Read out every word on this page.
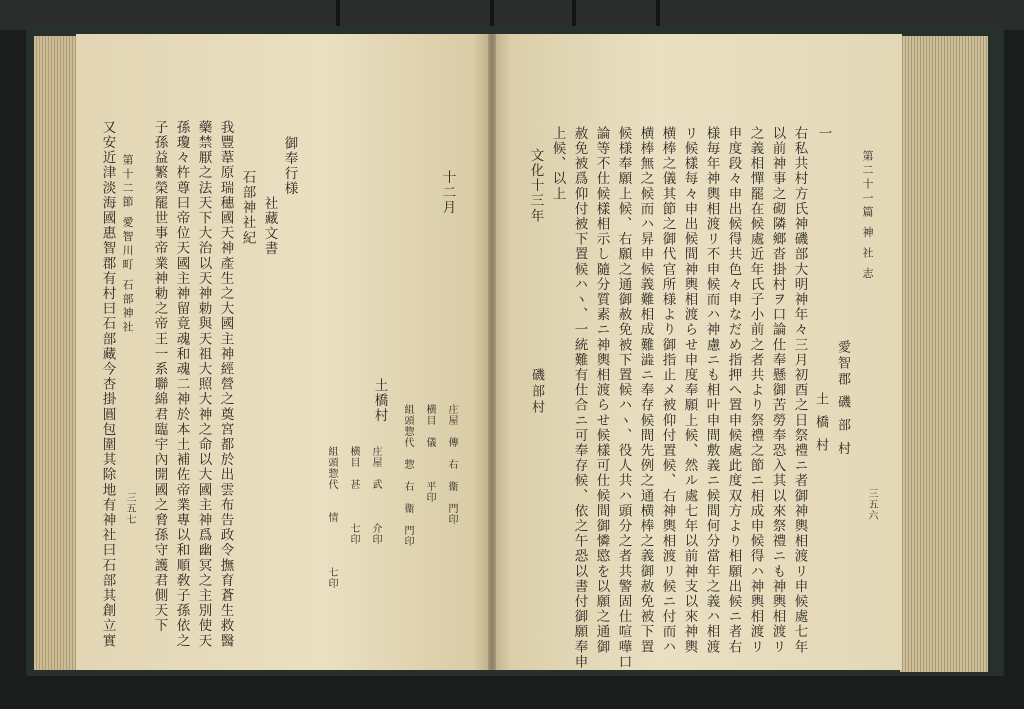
第十二節 愛智川町 石部神社
三五七
十二月
土橋村
庄屋　傳　右　衞　門印
横目　儀　　　平印
組頭惣代　惣　右　衞　門印
庄屋　武　　　介印
横目　甚　　　七印
組頭惣代　　情　　　　七印
御奉行様
社藏文書
石部神社紀
我豐葦原瑞穗國天神產生之大國主神經營之奠宮都於出雲布告政令撫育蒼生救醫
藥禁厭之法天下大治以天神勅與天祖大照大神之命以大國主神爲幽冥之主別使天
孫瓊々杵尊曰帝位天國主神留竟魂和魂二神於本土補佐帝業專以和順敎子孫依之
子孫益繁榮罷世事帝業神勅之帝王一系聯綿君臨宇內開國之脅孫守護君側天下
又安近津淡海國惠智郡有村曰石部藏今杏掛圓包圍其除地有神社曰石部其創立實	第二十一篇 神 社 志
三五六
一
右私共村方氏神磯部大明神年々三月初酉之日祭禮ニ者御神輿相渡リ申候處七年
以前神事之砌隣鄉沓掛村ヲ口論仕奉懸御苦勞奉恐入其以來祭禮ニも神輿相渡リ
之義相憚罷在候處近年氏子小前之者共より祭禮之節ニ相成申候得ハ神輿相渡リ
申度段々申出候得共色々申なだめ指押へ置申候處此度双方より相願出候ニ者右
様毎年神輿相渡リ不申候而ハ神慮ニも相叶申間敷義ニ候間何分當年之義ハ相渡
リ候樣每々申出候間神輿相渡らせ申度奉願上候、然ル處七年以前神支以來神輿
横棒之儀其節之御代官所様より御指止メ被仰付置候、右神輿相渡リ候ニ付而ハ
横棒無之候而ハ昇申候義難相成難澁ニ奉存候間先例之通横棒之義御赦免被下置
候様奉願上候、右願之通御赦免被下置候ハヽ、役人共ハ頭分之者共警固仕喧嘩口
論等不仕候樣相示し隨分質素ニ神輿相渡らせ候樣可仕候間御憐愍を以願之通御
赦免被爲仰付被下置候ハヽ、一統難有仕合ニ可奉存候、依之午恐以書付御願奉申
上候、以上
文化十三年
磯部村	愛智郡 磯 部 村
土 橋 村
